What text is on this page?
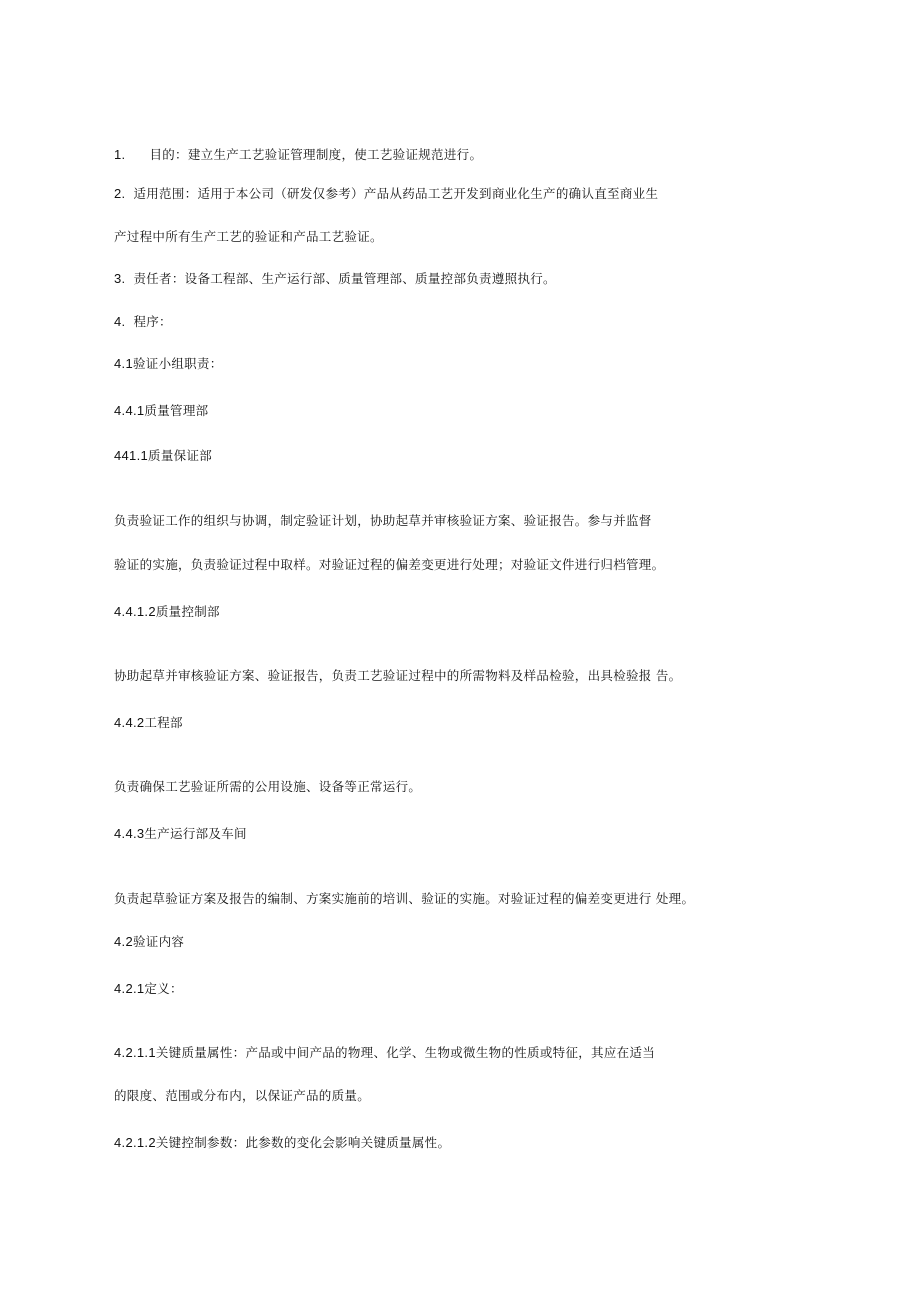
1. 目的：建立生产工艺验证管理制度，使工艺验证规范进行。
2. 适用范围：适用于本公司（研发仅参考）产品从药品工艺开发到商业化生产的确认直至商业生
产过程中所有生产工艺的验证和产品工艺验证。
3. 责任者：设备工程部、生产运行部、质量管理部、质量控部负责遵照执行。
4. 程序：
4.1验证小组职责：
4.4.1质量管理部
441.1质量保证部
负责验证工作的组织与协调，制定验证计划，协助起草并审核验证方案、验证报告。参与并监督
验证的实施，负责验证过程中取样。对验证过程的偏差变更进行处理；对验证文件进行归档管理。
4.4.1.2质量控制部
协助起草并审核验证方案、验证报告，负责工艺验证过程中的所需物料及样品检验，出具检验报 告。
4.4.2工程部
负责确保工艺验证所需的公用设施、设备等正常运行。
4.4.3生产运行部及车间
负责起草验证方案及报告的编制、方案实施前的培训、验证的实施。对验证过程的偏差变更进行 处理。
4.2验证内容
4.2.1定义：
4.2.1.1关键质量属性：产品或中间产品的物理、化学、生物或微生物的性质或特征，其应在适当
的限度、范围或分布内，以保证产品的质量。
4.2.1.2关键控制参数：此参数的变化会影响关键质量属性。
